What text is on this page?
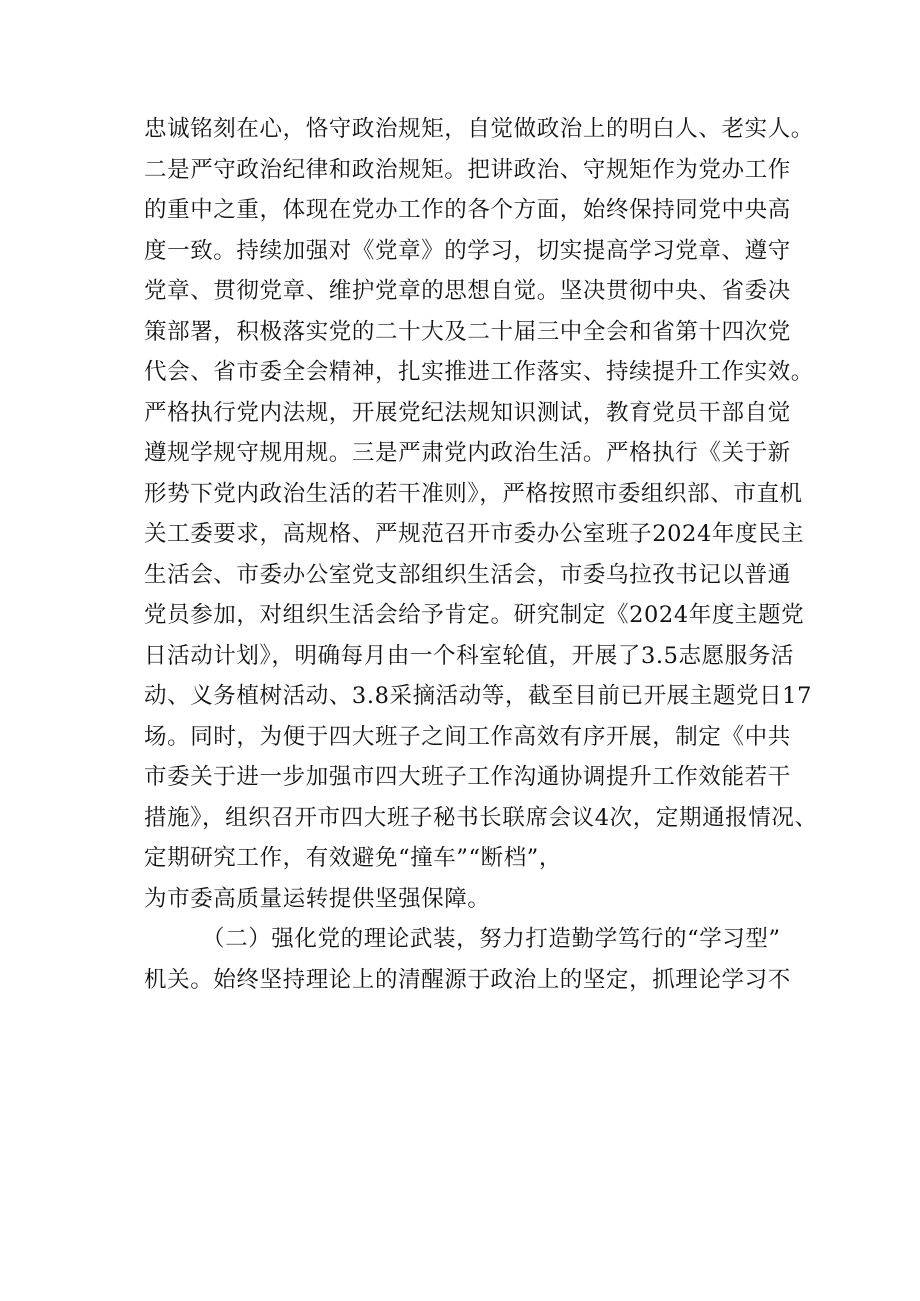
忠诚铭刻在心，恪守政治规矩，自觉做政治上的明白人、老实人。
二是严守政治纪律和政治规矩。把讲政治、守规矩作为党办工作
的重中之重，体现在党办工作的各个方面，始终保持同党中央高
度一致。持续加强对《党章》的学习，切实提高学习党章、遵守
党章、贯彻党章、维护党章的思想自觉。坚决贯彻中央、省委决
策部署，积极落实党的二十大及二十届三中全会和省第十四次党
代会、省市委全会精神，扎实推进工作落实、持续提升工作实效。
严格执行党内法规，开展党纪法规知识测试，教育党员干部自觉
遵规学规守规用规。三是严肃党内政治生活。严格执行《关于新
形势下党内政治生活的若干准则》，严格按照市委组织部、市直机
关工委要求，高规格、严规范召开市委办公室班子2024年度民主
生活会、市委办公室党支部组织生活会，市委乌拉孜书记以普通
党员参加，对组织生活会给予肯定。研究制定《2024年度主题党
日活动计划》，明确每月由一个科室轮值，开展了3.5志愿服务活
动、义务植树活动、3.8采摘活动等，截至目前已开展主题党日17
场。同时，为便于四大班子之间工作高效有序开展，制定《中共
市委关于进一步加强市四大班子工作沟通协调提升工作效能若干
措施》，组织召开市四大班子秘书长联席会议4次，定期通报情况、
定期研究工作，有效避免“撞车”“断档”，
为市委高质量运转提供坚强保障。
（二）强化党的理论武装，努力打造勤学笃行的“学习型”
机关。始终坚持理论上的清醒源于政治上的坚定，抓理论学习不
